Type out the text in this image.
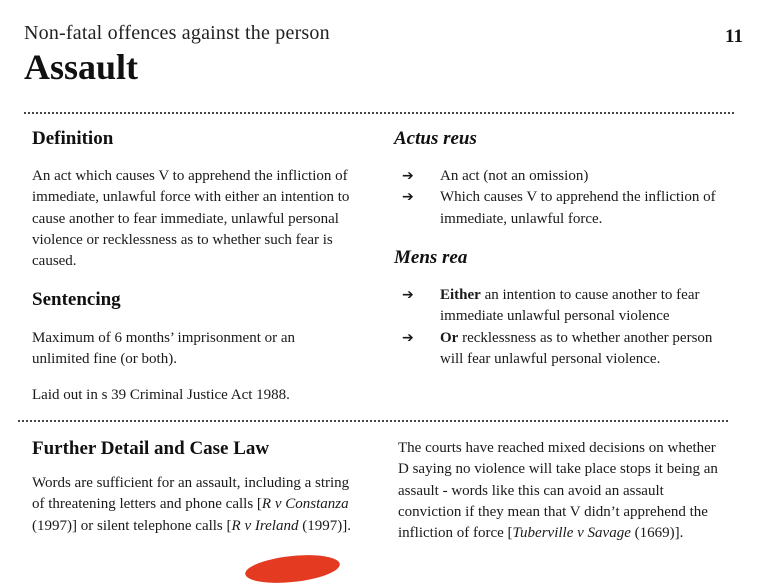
Non-fatal offences against the person
Assault
11
Definition

An act which causes V to apprehend the infliction of immediate, unlawful force with either an intention to cause another to fear immediate, unlawful personal violence or recklessness as to whether such fear is caused.

Sentencing

Maximum of 6 months’ imprisonment or an unlimited fine (or both).

Laid out in s 39 Criminal Justice Act 1988.

Actus reus
➔ An act (not an omission)
➔ Which causes V to apprehend the infliction of immediate, unlawful force.
Mens rea
➔ Either an intention to cause another to fear immediate unlawful personal violence
➔ Or recklessness as to whether another person will fear unlawful personal violence.
Further Detail and Case Law

Words are sufficient for an assault, including a string of threatening letters and phone calls [R v Constanza (1997)] or silent telephone calls [R v Ireland (1997)].

The courts have reached mixed decisions on whether D saying no violence will take place stops it being an assault - words like this can avoid an assault conviction if they mean that V didn’t apprehend the infliction of force [Tuberville v Savage (1669)].
